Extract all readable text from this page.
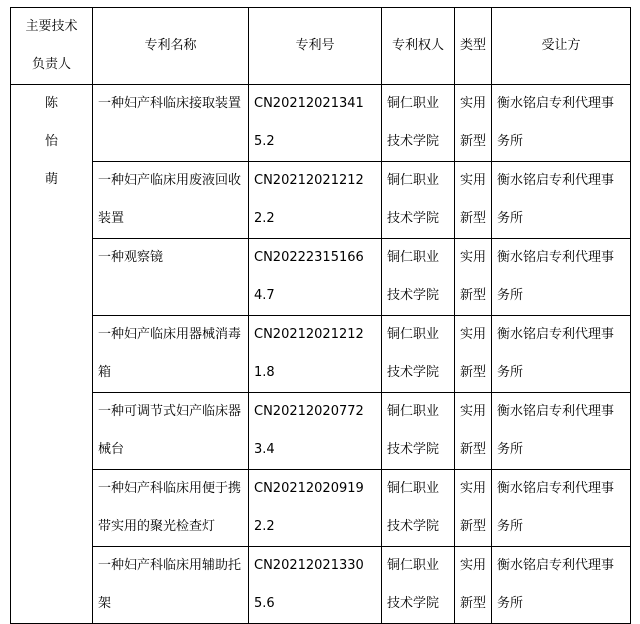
主要技术
负责人	专利名称	专利号	专利权人	类型	受让方

陈
怡
萌	一种妇产科临床接取装置	CN202120213415.2	铜仁职业技术学院	实用新型	衡水铭启专利代理事务所
	一种妇产临床用废液回收装置	CN202120212122.2	铜仁职业技术学院	实用新型	衡水铭启专利代理事务所
	一种观察镜	CN202223151664.7	铜仁职业技术学院	实用新型	衡水铭启专利代理事务所
	一种妇产临床用器械消毒箱	CN202120212121.8	铜仁职业技术学院	实用新型	衡水铭启专利代理事务所
	一种可调节式妇产临床器械台	CN202120207723.4	铜仁职业技术学院	实用新型	衡水铭启专利代理事务所
	一种妇产科临床用便于携带实用的聚光检查灯	CN202120209192.2	铜仁职业技术学院	实用新型	衡水铭启专利代理事务所
	一种妇产科临床用辅助托架	CN202120213305.6	铜仁职业技术学院	实用新型	衡水铭启专利代理事务所
